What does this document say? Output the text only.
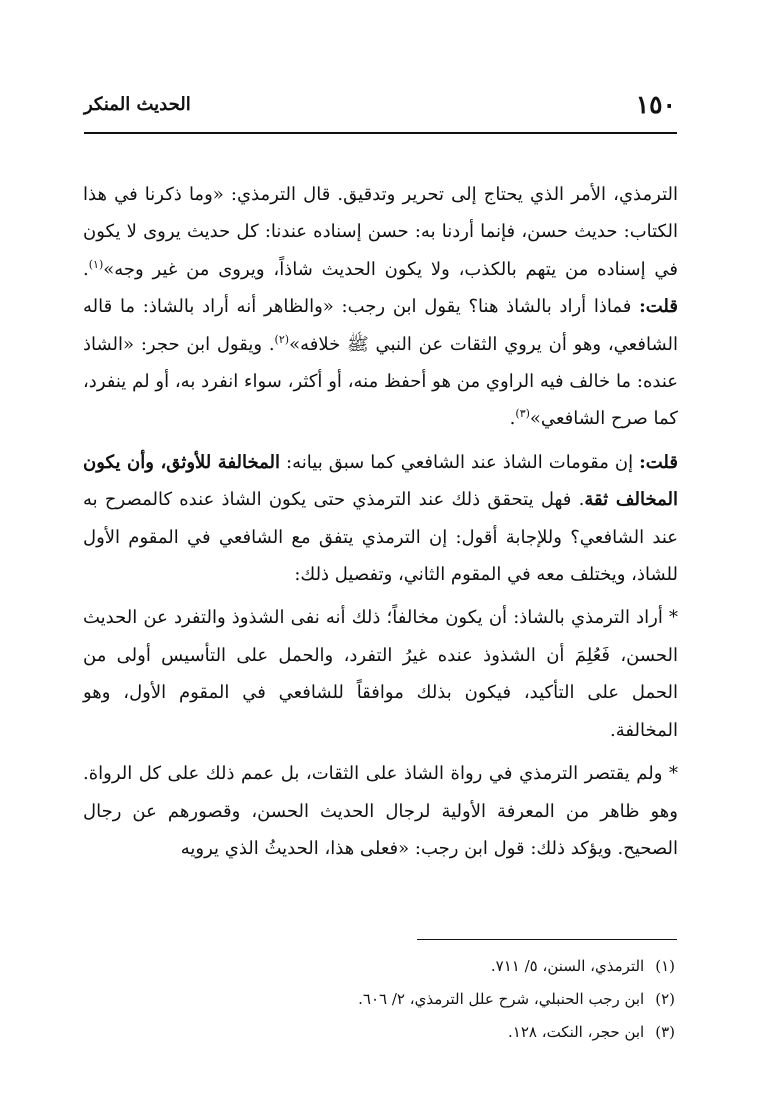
١٥٠
الحديث المنكر

الترمذي، الأمر الذي يحتاج إلى تحرير وتدقيق. قال الترمذي: «وما ذكرنا في هذا الكتاب: حديث حسن، فإنما أردنا به: حسن إسناده عندنا: كل حديث يروى لا يكون في إسناده من يتهم بالكذب، ولا يكون الحديث شاذاً، ويروى من غير وجه»$^{(١)}$. قلت: فماذا أراد بالشاذ هنا؟ يقول ابن رجب: «والظاهر أنه أراد بالشاذ: ما قاله الشافعي، وهو أن يروي الثقات عن النبي ﷺ خلافه»$^{(٢)}$. ويقول ابن حجر: «الشاذ عنده: ما خالف فيه الراوي من هو أحفظ منه، أو أكثر، سواء انفرد به، أو لم ينفرد، كما صرح الشافعي»$^{(٣)}$.

قلت: إن مقومات الشاذ عند الشافعي كما سبق بيانه: المخالفة للأوثق، وأن يكون المخالف ثقة. فهل يتحقق ذلك عند الترمذي حتى يكون الشاذ عنده كالمصرح به عند الشافعي؟ وللإجابة أقول: إن الترمذي يتفق مع الشافعي في المقوم الأول للشاذ، ويختلف معه في المقوم الثاني، وتفصيل ذلك:

* أراد الترمذي بالشاذ: أن يكون مخالفاً؛ ذلك أنه نفى الشذوذ والتفرد عن الحديث الحسن، فَعُلِمَ أن الشذوذ عنده غيرُ التفرد، والحمل على التأسيس أولى من الحمل على التأكيد، فيكون بذلك موافقاً للشافعي في المقوم الأول، وهو المخالفة.

* ولم يقتصر الترمذي في رواة الشاذ على الثقات، بل عمم ذلك على كل الرواة. وهو ظاهر من المعرفة الأولية لرجال الحديث الحسن، وقصورهم عن رجال الصحيح. ويؤكد ذلك: قول ابن رجب: «فعلى هذا، الحديثُ الذي يرويه

(١) الترمذي، السنن، ٥/ ٧١١.
(٢) ابن رجب الحنبلي، شرح علل الترمذي، ٢/ ٦٠٦.
(٣) ابن حجر، النكت، ١٢٨.
